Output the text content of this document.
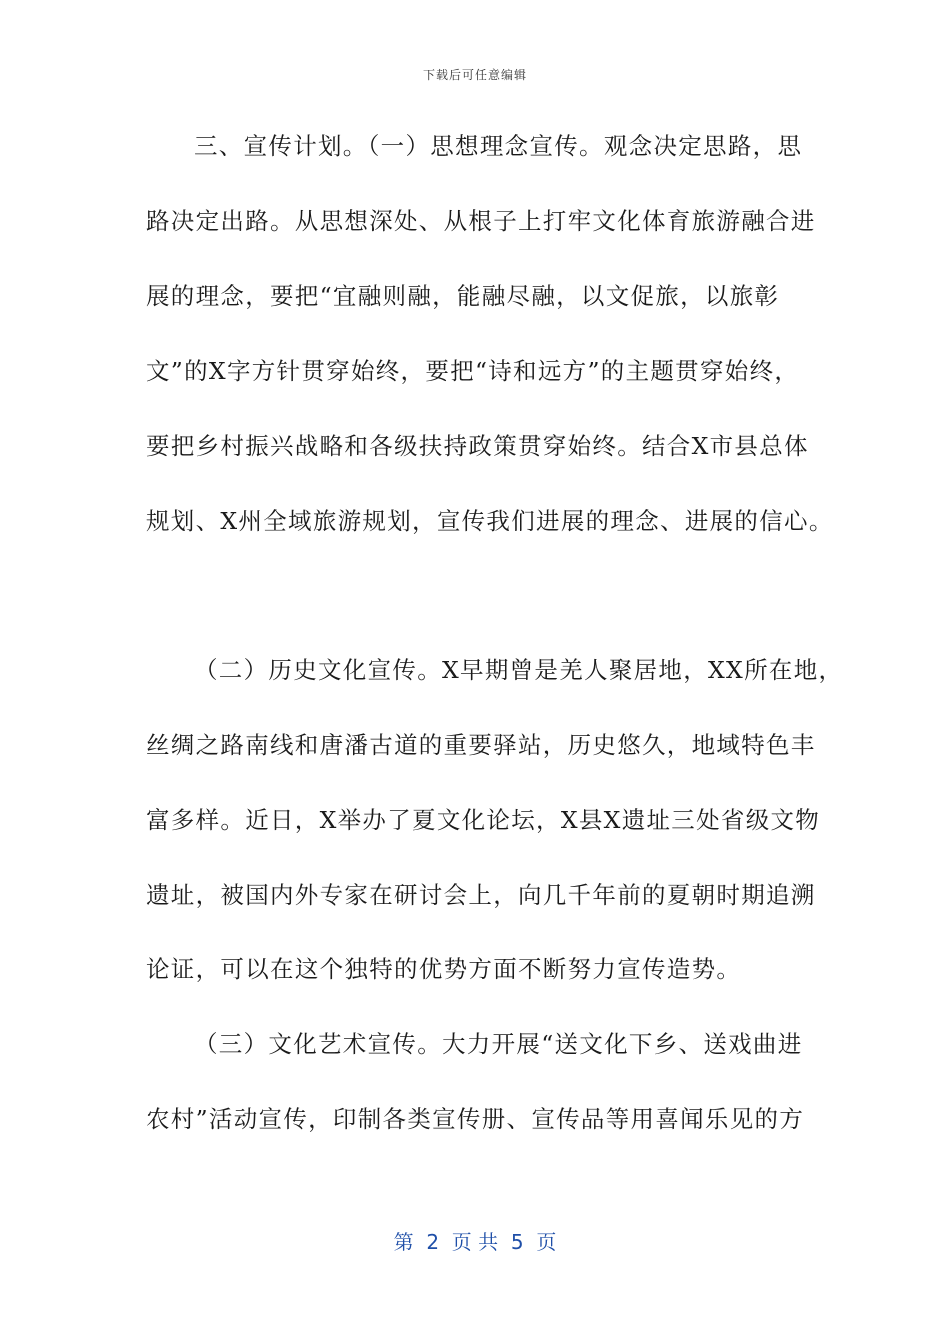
下载后可任意编辑
三、宣传计划。（一）思想理念宣传。观念决定思路，思
路决定出路。从思想深处、从根子上打牢文化体育旅游融合进
展的理念，要把“宜融则融，能融尽融，以文促旅，以旅彰
文”的X字方针贯穿始终，要把“诗和远方”的主题贯穿始终，
要把乡村振兴战略和各级扶持政策贯穿始终。结合X市县总体
规划、X州全域旅游规划，宣传我们进展的理念、进展的信心。
（二）历史文化宣传。X早期曾是羌人聚居地，XX所在地，
丝绸之路南线和唐潘古道的重要驿站，历史悠久，地域特色丰
富多样。近日，X举办了夏文化论坛，X县X遗址三处省级文物
遗址，被国内外专家在研讨会上，向几千年前的夏朝时期追溯
论证，可以在这个独特的优势方面不断努力宣传造势。
（三）文化艺术宣传。大力开展“送文化下乡、送戏曲进
农村”活动宣传，印制各类宣传册、宣传品等用喜闻乐见的方
第  2  页 共  5  页
